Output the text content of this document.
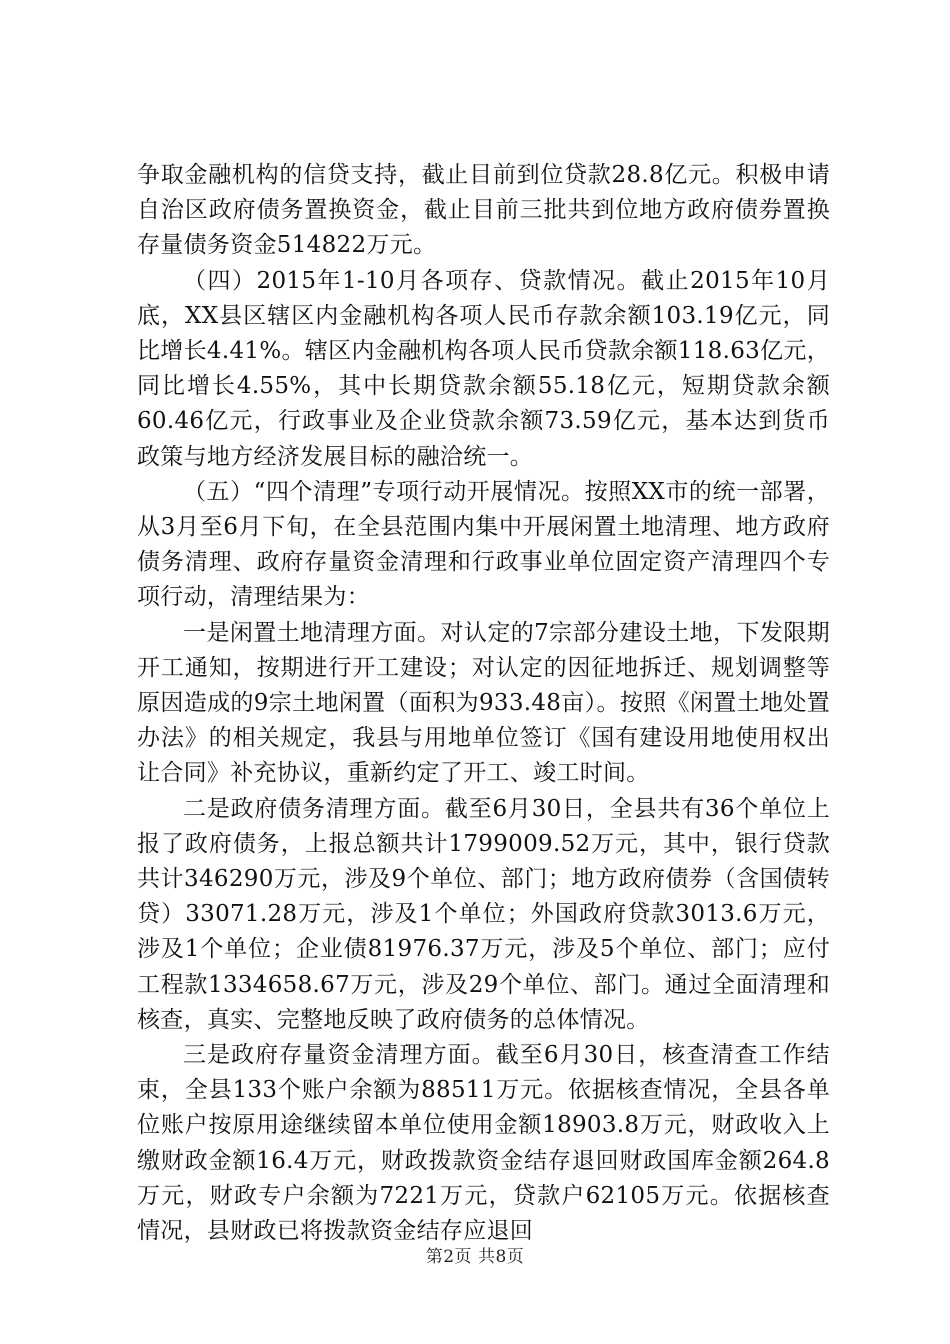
争取金融机构的信贷支持，截止目前到位贷款28.8亿元。积极申请自治区政府债务置换资金，截止目前三批共到位地方政府债券置换存量债务资金514822万元。

（四）2015年1-10月各项存、贷款情况。截止2015年10月底，XX县区辖区内金融机构各项人民币存款余额103.19亿元，同比增长4.41%。辖区内金融机构各项人民币贷款余额118.63亿元，同比增长4.55%，其中长期贷款余额55.18亿元，短期贷款余额60.46亿元，行政事业及企业贷款余额73.59亿元，基本达到货币政策与地方经济发展目标的融洽统一。

（五）“四个清理”专项行动开展情况。按照XX市的统一部署，从3月至6月下旬，在全县范围内集中开展闲置土地清理、地方政府债务清理、政府存量资金清理和行政事业单位固定资产清理四个专项行动，清理结果为：

一是闲置土地清理方面。对认定的7宗部分建设土地，下发限期开工通知，按期进行开工建设；对认定的因征地拆迁、规划调整等原因造成的9宗土地闲置（面积为933.48亩）。按照《闲置土地处置办法》的相关规定，我县与用地单位签订《国有建设用地使用权出让合同》补充协议，重新约定了开工、竣工时间。

二是政府债务清理方面。截至6月30日，全县共有36个单位上报了政府债务，上报总额共计1799009.52万元，其中，银行贷款共计346290万元，涉及9个单位、部门；地方政府债券（含国债转贷）33071.28万元，涉及1个单位；外国政府贷款3013.6万元，涉及1个单位；企业债81976.37万元，涉及5个单位、部门；应付工程款1334658.67万元，涉及29个单位、部门。通过全面清理和核查，真实、完整地反映了政府债务的总体情况。

三是政府存量资金清理方面。截至6月30日，核查清查工作结束，全县133个账户余额为88511万元。依据核查情况，全县各单位账户按原用途继续留本单位使用金额18903.8万元，财政收入上缴财政金额16.4万元，财政拨款资金结存退回财政国库金额264.8万元，财政专户余额为7221万元，贷款户62105万元。依据核查情况，县财政已将拨款资金结存应退回

第2页 共8页
